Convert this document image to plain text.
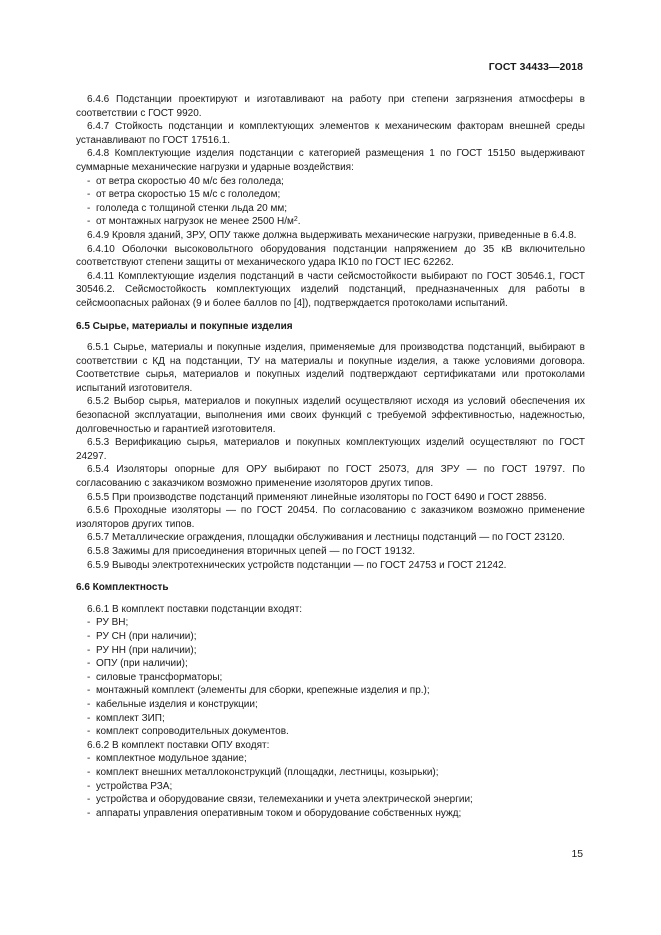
ГОСТ 34433—2018
6.4.6 Подстанции проектируют и изготавливают на работу при степени загрязнения атмосферы в соответствии с ГОСТ 9920.
6.4.7 Стойкость подстанции и комплектующих элементов к механическим факторам внешней среды устанавливают по ГОСТ 17516.1.
6.4.8 Комплектующие изделия подстанции с категорией размещения 1 по ГОСТ 15150 выдерживают суммарные механические нагрузки и ударные воздействия:
- от ветра скоростью 40 м/с без гололеда;
- от ветра скоростью 15 м/с с гололедом;
- гололеда с толщиной стенки льда 20 мм;
- от монтажных нагрузок не менее 2500 $Н/м^2$.
6.4.9 Кровля зданий, ЗРУ, ОПУ также должна выдерживать механические нагрузки, приведенные в 6.4.8.
6.4.10 Оболочки высоковольтного оборудования подстанции напряжением до 35 кВ включительно соответствуют степени защиты от механического удара IK10 по ГОСТ IEC 62262.
6.4.11 Комплектующие изделия подстанций в части сейсмостойкости выбирают по ГОСТ 30546.1, ГОСТ 30546.2. Сейсмостойкость комплектующих изделий подстанций, предназначенных для работы в сейсмоопасных районах (9 и более баллов по [4]), подтверждается протоколами испытаний.
6.5 Сырье, материалы и покупные изделия
6.5.1 Сырье, материалы и покупные изделия, применяемые для производства подстанций, выбирают в соответствии с КД на подстанции, ТУ на материалы и покупные изделия, а также условиями договора. Соответствие сырья, материалов и покупных изделий подтверждают сертификатами или протоколами испытаний изготовителя.
6.5.2 Выбор сырья, материалов и покупных изделий осуществляют исходя из условий обеспечения их безопасной эксплуатации, выполнения ими своих функций с требуемой эффективностью, надежностью, долговечностью и гарантией изготовителя.
6.5.3 Верификацию сырья, материалов и покупных комплектующих изделий осуществляют по ГОСТ 24297.
6.5.4 Изоляторы опорные для ОРУ выбирают по ГОСТ 25073, для ЗРУ — по ГОСТ 19797. По согласованию с заказчиком возможно применение изоляторов других типов.
6.5.5 При производстве подстанций применяют линейные изоляторы по ГОСТ 6490 и ГОСТ 28856.
6.5.6 Проходные изоляторы — по ГОСТ 20454. По согласованию с заказчиком возможно применение изоляторов других типов.
6.5.7 Металлические ограждения, площадки обслуживания и лестницы подстанций — по ГОСТ 23120.
6.5.8 Зажимы для присоединения вторичных цепей — по ГОСТ 19132.
6.5.9 Выводы электротехнических устройств подстанции — по ГОСТ 24753 и ГОСТ 21242.
6.6 Комплектность
6.6.1 В комплект поставки подстанции входят:
- РУ ВН;
- РУ СН (при наличии);
- РУ НН (при наличии);
- ОПУ (при наличии);
- силовые трансформаторы;
- монтажный комплект (элементы для сборки, крепежные изделия и пр.);
- кабельные изделия и конструкции;
- комплект ЗИП;
- комплект сопроводительных документов.
6.6.2 В комплект поставки ОПУ входят:
- комплектное модульное здание;
- комплект внешних металлоконструкций (площадки, лестницы, козырьки);
- устройства РЗА;
- устройства и оборудование связи, телемеханики и учета электрической энергии;
- аппараты управления оперативным током и оборудование собственных нужд;
15
